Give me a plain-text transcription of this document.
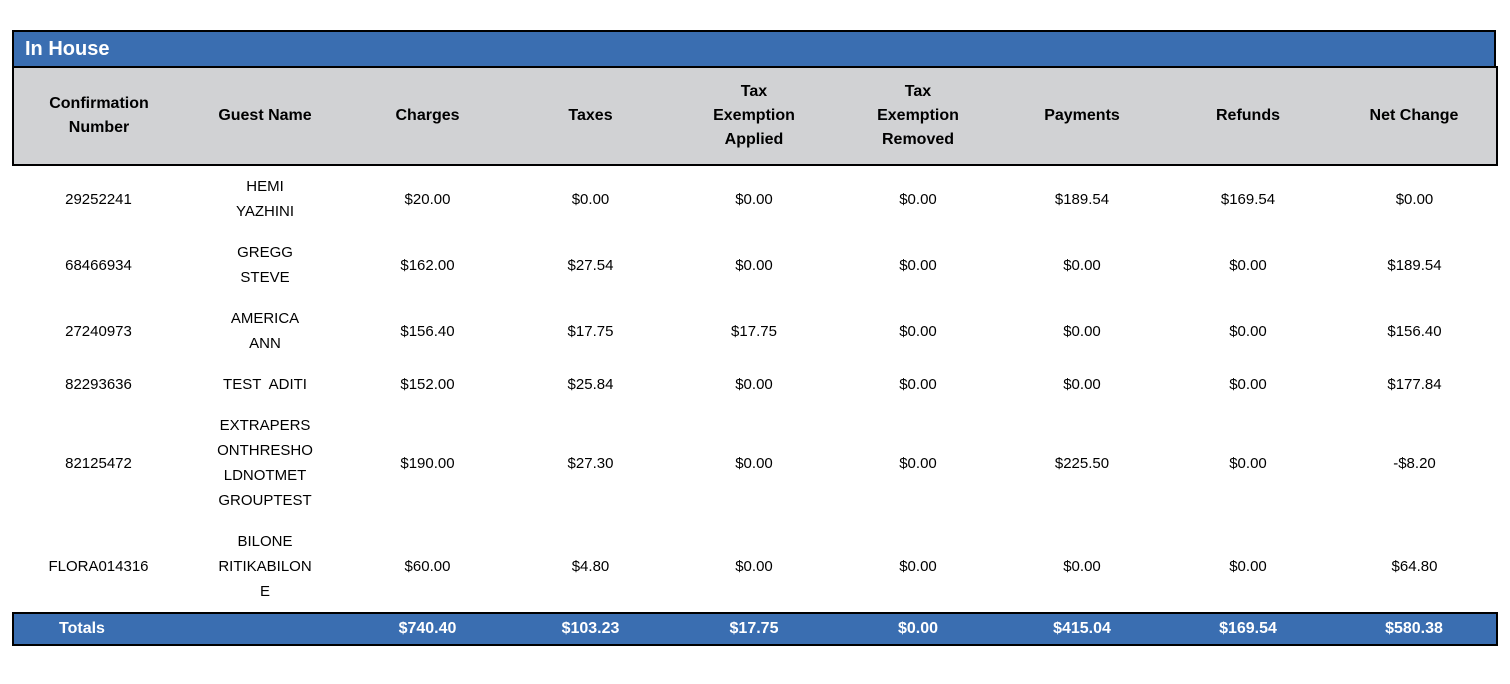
In House
Confirmation Number	Guest Name	Charges	Taxes	Tax Exemption Applied	Tax Exemption Removed	Payments	Refunds	Net Change
29252241	HEMI YAZHINI	$20.00	$0.00	$0.00	$0.00	$189.54	$169.54	$0.00
68466934	GREGG STEVE	$162.00	$27.54	$0.00	$0.00	$0.00	$0.00	$189.54
27240973	AMERICA ANN	$156.40	$17.75	$17.75	$0.00	$0.00	$0.00	$156.40
82293636	TEST  ADITI	$152.00	$25.84	$0.00	$0.00	$0.00	$0.00	$177.84
82125472	EXTRAPERSONTHRESHOLDNOTMET GROUPTEST	$190.00	$27.30	$0.00	$0.00	$225.50	$0.00	-$8.20
FLORA014316	BILONE RITIKABILONE	$60.00	$4.80	$0.00	$0.00	$0.00	$0.00	$64.80
Totals		$740.40	$103.23	$17.75	$0.00	$415.04	$169.54	$580.38
